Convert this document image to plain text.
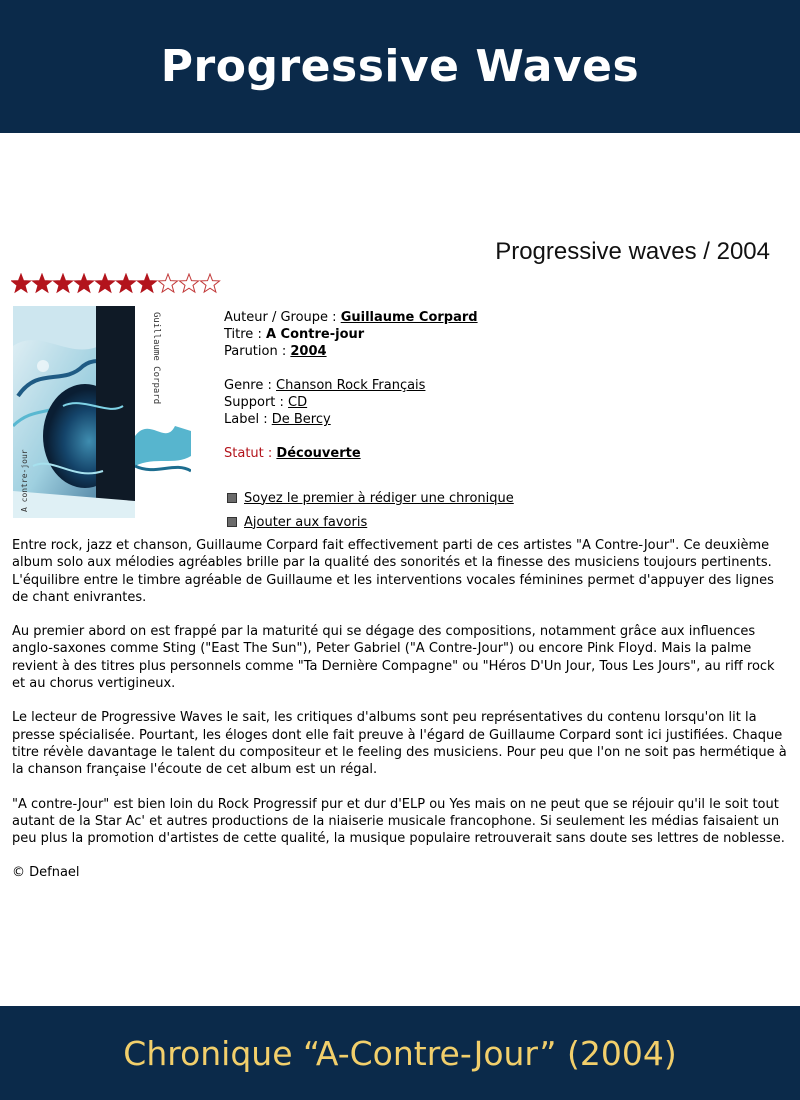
Progressive Waves
Progressive waves / 2004
Guillaume Corpard
A contre-jour
Auteur / Groupe : Guillaume Corpard
Titre : A Contre-jour
Parution : 2004
Genre : Chanson Rock Français
Support : CD
Label : De Bercy
Statut : Découverte
Soyez le premier à rédiger une chronique
Ajouter aux favoris

Entre rock, jazz et chanson, Guillaume Corpard fait effectivement parti de ces artistes "A Contre-Jour". Ce deuxième album solo aux mélodies agréables brille par la qualité des sonorités et la finesse des musiciens toujours pertinents. L'équilibre entre le timbre agréable de Guillaume et les interventions vocales féminines permet d'appuyer des lignes de chant enivrantes.

Au premier abord on est frappé par la maturité qui se dégage des compositions, notamment grâce aux influences anglo-saxones comme Sting ("East The Sun"), Peter Gabriel ("A Contre-Jour") ou encore Pink Floyd. Mais la palme revient à des titres plus personnels comme "Ta Dernière Compagne" ou "Héros D'Un Jour, Tous Les Jours", au riff rock et au chorus vertigineux.

Le lecteur de Progressive Waves le sait, les critiques d'albums sont peu représentatives du contenu lorsqu'on lit la presse spécialisée. Pourtant, les éloges dont elle fait preuve à l'égard de Guillaume Corpard sont ici justifiées. Chaque titre révèle davantage le talent du compositeur et le feeling des musiciens. Pour peu que l'on ne soit pas hermétique à la chanson française l'écoute de cet album est un régal.

"A contre-Jour" est bien loin du Rock Progressif pur et dur d'ELP ou Yes mais on ne peut que se réjouir qu'il le soit tout autant de la Star Ac' et autres productions de la niaiserie musicale francophone. Si seulement les médias faisaient un peu plus la promotion d'artistes de cette qualité, la musique populaire retrouverait sans doute ses lettres de noblesse.

© Defnael

Chronique “A-Contre-Jour” (2004)
